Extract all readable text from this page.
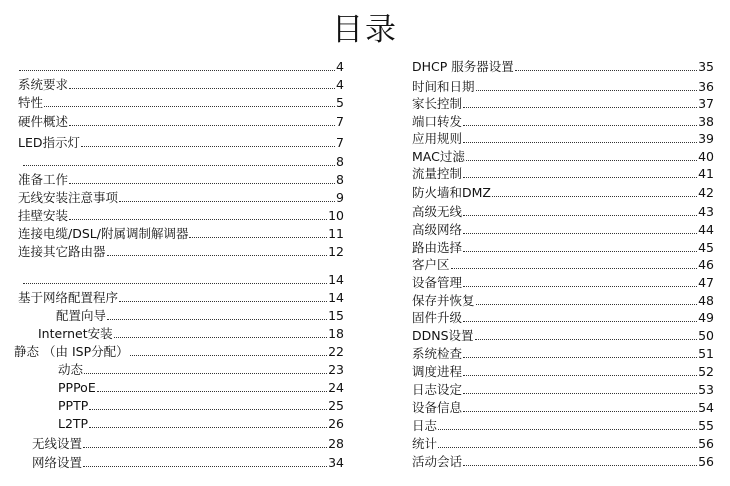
目录
4
系统要求	4
特性	5
硬件概述	7
LED指示灯	7
8
准备工作	8
无线安装注意事项	9
挂壁安装	10
连接电缆/DSL/附属调制解调器	11
连接其它路由器	12
14
基于网络配置程序	14
配置向导	15
Internet安装	18
静态 （由 ISP分配）	22
动态	23
PPPoE	24
PPTP	25
L2TP	26
无线设置	28
网络设置	34
DHCP 服务器设置	35
时间和日期	36
家长控制	37
端口转发	38
应用规则	39
MAC过滤	40
流量控制	41
防火墙和DMZ	42
高级无线	43
高级网络	44
路由选择	45
客户区	46
设备管理	47
保存并恢复	48
固件升级	49
DDNS设置	50
系统检查	51
调度进程	52
日志设定	53
设备信息	54
日志	55
统计	56
活动会话	56
